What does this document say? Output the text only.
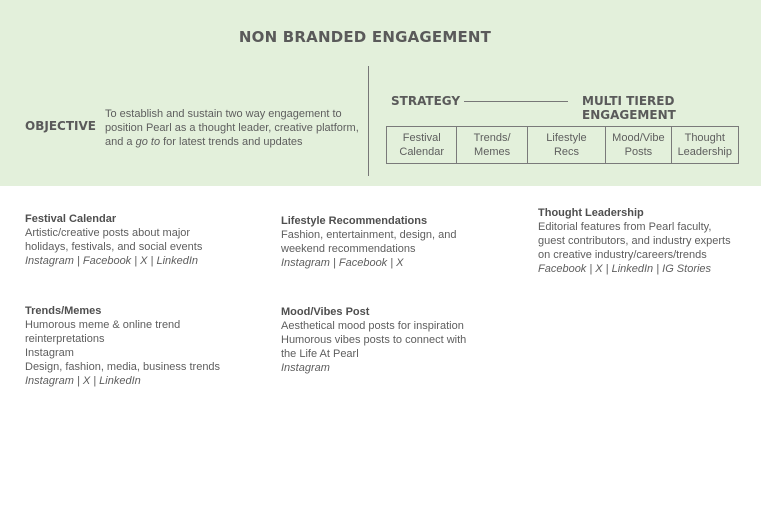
NON BRANDED ENGAGEMENT
OBJECTIVE
To establish and sustain two way engagement to position Pearl as a thought leader, creative platform, and a go to for latest trends and updates
STRATEGY	MULTI TIERED ENGAGEMENT
Festival Calendar
Trends/ Memes
Lifestyle Recs
Mood/Vibe Posts
Thought Leadership
Festival Calendar
Artistic/creative posts about major
holidays, festivals, and social events
Instagram | Facebook | X | LinkedIn
Lifestyle Recommendations
Fashion, entertainment, design, and
weekend recommendations
Instagram | Facebook | X
Thought Leadership
Editorial features from Pearl faculty,
guest contributors, and industry experts
on creative industry/careers/trends
Facebook | X | LinkedIn | IG Stories
Trends/Memes
Humorous meme & online trend
reinterpretations
Instagram
Design, fashion, media, business trends
Instagram | X | LinkedIn
Mood/Vibes Post
Aesthetical mood posts for inspiration
Humorous vibes posts to connect with
the Life At Pearl
Instagram
